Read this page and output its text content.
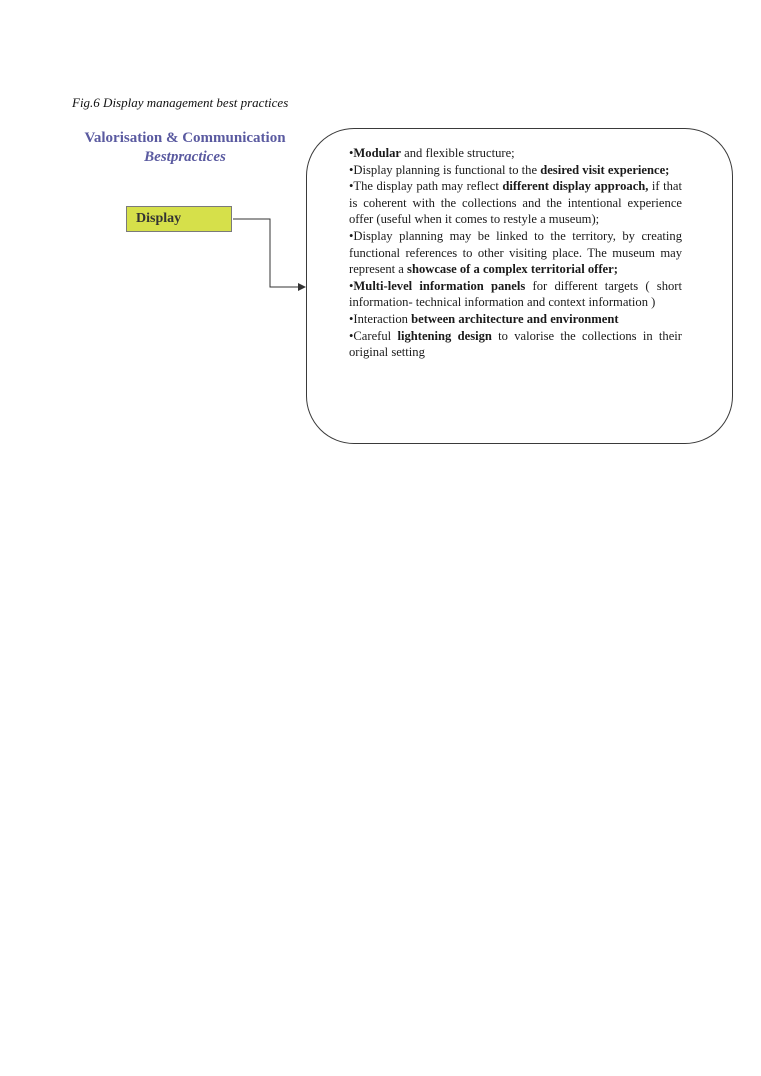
Fig.6 Display management best practices
Valorisation & Communication
Bestpractices
Display

•Modular and flexible structure;

•Display planning is functional to the desired visit experience;

•The display path may reflect different display approach, if that is coherent with the collections and the intentional experience offer (useful when it comes to restyle a museum);

•Display planning may be linked to the territory, by creating functional references to other visiting place. The museum may represent a showcase of a complex territorial offer;

•Multi-level information panels for different targets ( short information- technical information and context information )

•Interaction between architecture and environment

•Careful lightening design to valorise the collections in their original setting
